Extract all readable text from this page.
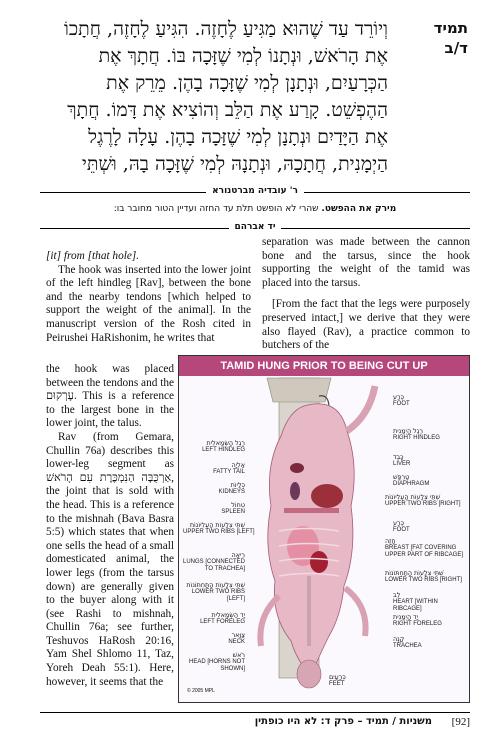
תמיד
ד/ב
וְיוֹרֵד עַד שֶׁהוּא מַגִּיעַ לֶחָזֶה. הִגִּיעַ לֶחָזֶה, חֲתָכוֹ
אֶת הָרֹאשׁ, וּנְתָנוֹ לְמִי שֶׁזָּכָה בּוֹ. חֲתָךְ אֶת
הַכְּרָעַיִם, וּנְתָנָן לְמִי שֶׁזָּכָה בָהֶן. מֵרֵק אֶת
הַהֶפְשֵׁט. קָרַע אֶת הַלֵּב וְהוֹצִיא אֶת דָּמוֹ. חֲתָךְ
אֶת הַיָּדַיִם וּנְתָנָן לְמִי שֶׁזָּכָה בָהֶן. עָלָה לָרֶגֶל
הַיְמָנִית, חֲתָכָהּ, וּנְתָנָהּ לְמִי שֶׁזָּכָה בָהּ, וּשְׁתֵּי
ר' עובדיה מברטנורא
מירק את ההפשט. שהרי לא הופשט תלת עד החזה ועדיין הטור מחובר בו:
יד אברהם

[it] from [that hole].

The hook was inserted into the lower joint of the left hindleg [Rav], between the bone and the nearby tendons [which helped to support the weight of the animal]. In the manuscript version of the Rosh cited in Peirushei HaRishonim, he writes that

the hook was placed between the tendons and the עָרְקוּם. This is a reference to the largest bone in the lower joint, the talus.

Rav (from Gemara, Chullin 76a) describes this lower-leg segment as אַרְכֻּבָּה הַנִּמְכֶּרֶת עִם הָרֹאשׁ, the joint that is sold with the head. This is a reference to the mishnah (Bava Basra 5:5) which states that when one sells the head of a small domesticated animal, the lower legs (from the tarsus down) are generally given to the buyer along with it (see Rashi to mishnah, Chullin 76a; see further, Teshuvos HaRosh 20:16, Yam Shel Shlomo 11, Taz, Yoreh Deah 55:1). Here, however, it seems that the

separation was made between the cannon bone and the tarsus, since the hook supporting the weight of the tamid was placed into the tarsus.

[From the fact that the legs were purposely preserved intact,] we derive that they were also flayed (Rav), a practice common to butchers of the

TAMID HUNG PRIOR TO BEING CUT UP
רֶגֶל הַשְּׂמָאלִית
LEFT HINDLEG
אַלְיָה
FATTY TAIL
כְּלָיוֹת
KIDNEYS
טְחוֹל
SPLEEN
שְׁתֵּי צְלָעוֹת הָעֶלְיוֹנוֹת
UPPER TWO RIBS [LEFT]
רֵיאָה
LUNGS [CONNECTED TO TRACHEA]
שְׁתֵּי צְלָעוֹת הַתַּחְתּוֹנוֹת
LOWER TWO RIBS [LEFT]
יָד הַשְּׂמָאלִית
LEFT FORELEG
צַוָּאר
NECK
רֹאשׁ
HEAD [HORNS NOT SHOWN]
כֶּרַע
FOOT
רֶגֶל הַיְמָנִית
RIGHT HINDLEG
כָּבֵד
LIVER
טַרְפָּשׁ
DIAPHRAGM
שְׁתֵּי צְלָעוֹת הָעֶלְיוֹנוֹת
UPPER TWO RIBS [RIGHT]
כֶּרַע
FOOT
חָזֶה
BREAST [FAT COVERING UPPER PART OF RIBCAGE]
שְׁתֵּי צְלָעוֹת הַתַּחְתּוֹנוֹת
LOWER TWO RIBS [RIGHT]
לֵב
HEART [WITHIN RIBCAGE]
יָד הַיְמָנִית
RIGHT FORELEG
קָנֶה
TRACHEA
כְּרָעַיִם
FEET
© 2005 MPL
משניות / תמיד – פרק ד: לא היו כופתין [92]
